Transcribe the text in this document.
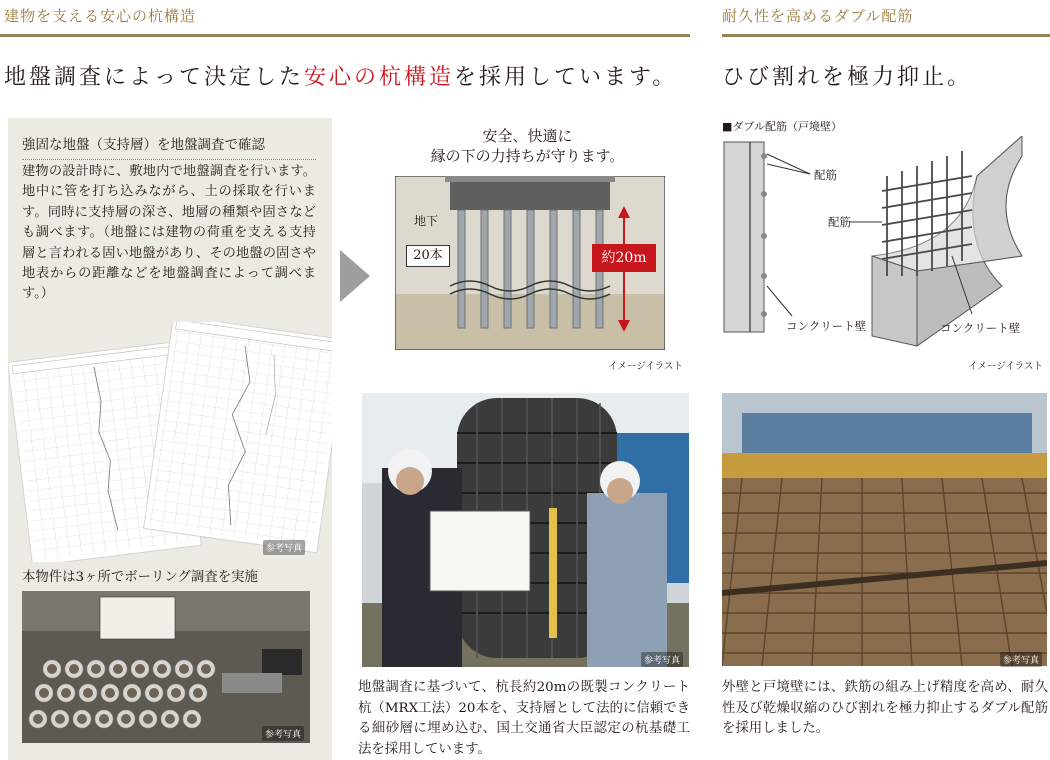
建物を支える安心の杭構造	耐久性を高めるダブル配筋
地盤調査によって決定した安心の杭構造を採用しています。 ひび割れを極力抑止。
強固な地盤（支持層）を地盤調査で確認
建物の設計時に、敷地内で地盤調査を行います。地中に管を打ち込みながら、土の採取を行います。同時に支持層の深さ、地層の種類や固さなども調べます。（地盤には建物の荷重を支える支持層と言われる固い地盤があり、その地盤の固さや地表からの距離などを地盤調査によって調べます。）
参考写真
本物件は3ヶ所でボーリング調査を実施
参考写真
安全、快適に
縁の下の力持ちが守ります。
地下
20本	約20m
イメージイラスト
参考写真
地盤調査に基づいて、杭長約20mの既製コンクリート杭（MRX工法）20本を、支持層として法的に信頼できる細砂層に埋め込む、国土交通省大臣認定の杭基礎工法を採用しています。
■ダブル配筋（戸境壁）
配筋
配筋
コンクリート壁	コンクリート壁
イメージイラスト
参考写真
外壁と戸境壁には、鉄筋の組み上げ精度を高め、耐久性及び乾燥収縮のひび割れを極力抑止するダブル配筋を採用しました。
